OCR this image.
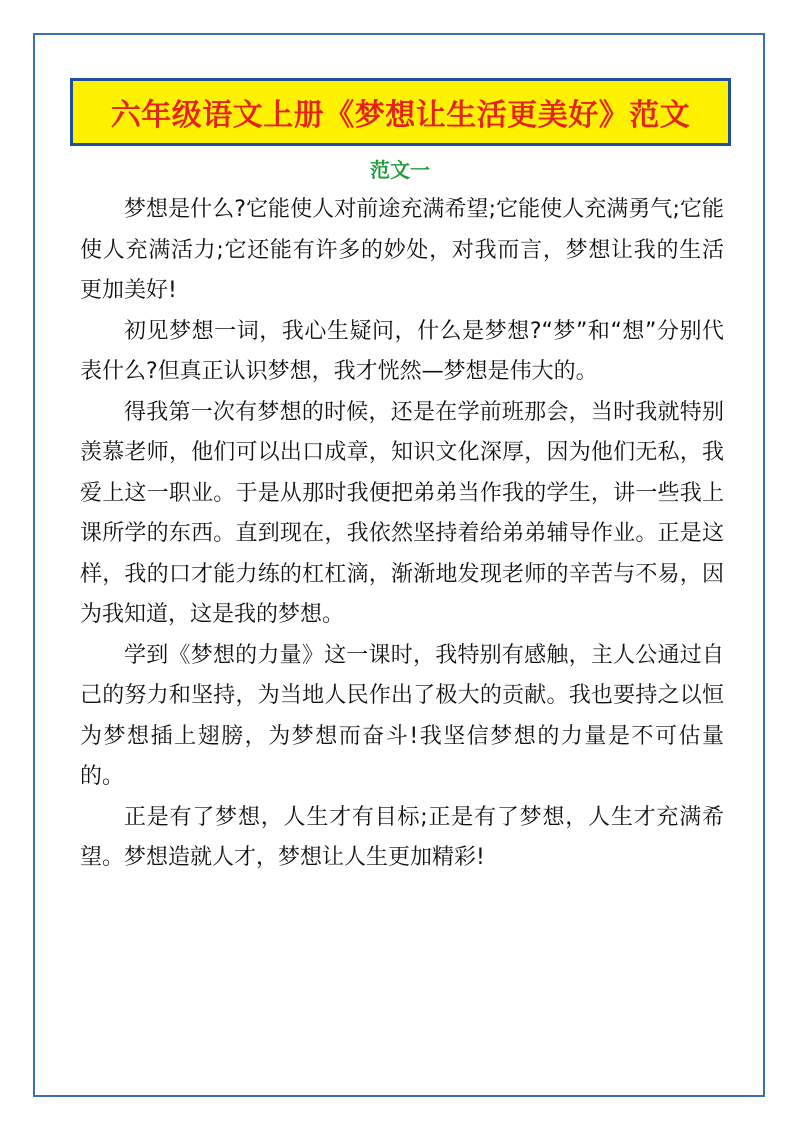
六年级语文上册《梦想让生活更美好》范文
范文一

梦想是什么?它能使人对前途充满希望;它能使人充满勇气;它能使人充满活力;它还能有许多的妙处，对我而言，梦想让我的生活更加美好!

初见梦想一词，我心生疑问，什么是梦想?“梦”和“想”分别代表什么?但真正认识梦想，我才恍然—梦想是伟大的。

得我第一次有梦想的时候，还是在学前班那会，当时我就特别羡慕老师，他们可以出口成章，知识文化深厚，因为他们无私，我爱上这一职业。于是从那时我便把弟弟当作我的学生，讲一些我上课所学的东西。直到现在，我依然坚持着给弟弟辅导作业。正是这样，我的口才能力练的杠杠滴，渐渐地发现老师的辛苦与不易，因为我知道，这是我的梦想。

学到《梦想的力量》这一课时，我特别有感触，主人公通过自己的努力和坚持，为当地人民作出了极大的贡献。我也要持之以恒为梦想插上翅膀，为梦想而奋斗!我坚信梦想的力量是不可估量的。

正是有了梦想，人生才有目标;正是有了梦想，人生才充满希望。梦想造就人才，梦想让人生更加精彩!
